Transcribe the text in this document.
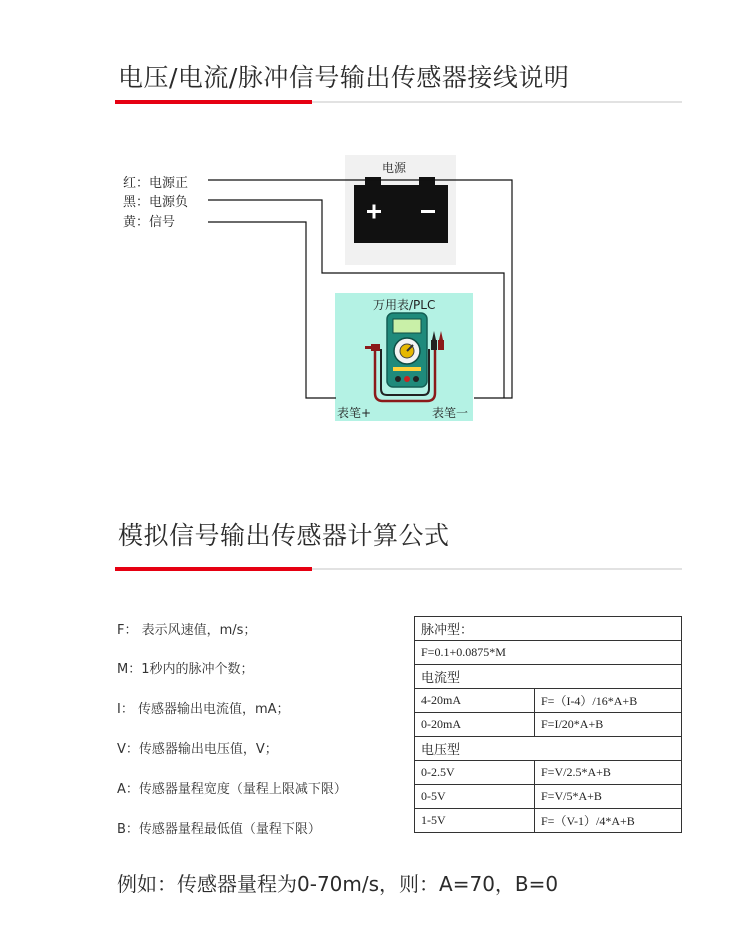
电压/电流/脉冲信号输出传感器接线说明
红：电源正
黑：电源负
黄：信号
电源
万用表/PLC
表笔+	表笔一
模拟信号输出传感器计算公式
F： 表示风速值，m/s；
M：1秒内的脉冲个数；
I： 传感器输出电流值，mA；
V：传感器输出电压值，V；
A：传感器量程宽度（量程上限减下限）
B：传感器量程最低值（量程下限）
脉冲型：	
F=0.1+0.0875*M	
电流型	
4-20mA	F=（I-4）/16*A+B
0-20mA	F=I/20*A+B
电压型	
0-2.5V	F=V/2.5*A+B
0-5V	F=V/5*A+B
1-5V	F=（V-1）/4*A+B
例如：传感器量程为0-70m/s，则：A=70，B=0
